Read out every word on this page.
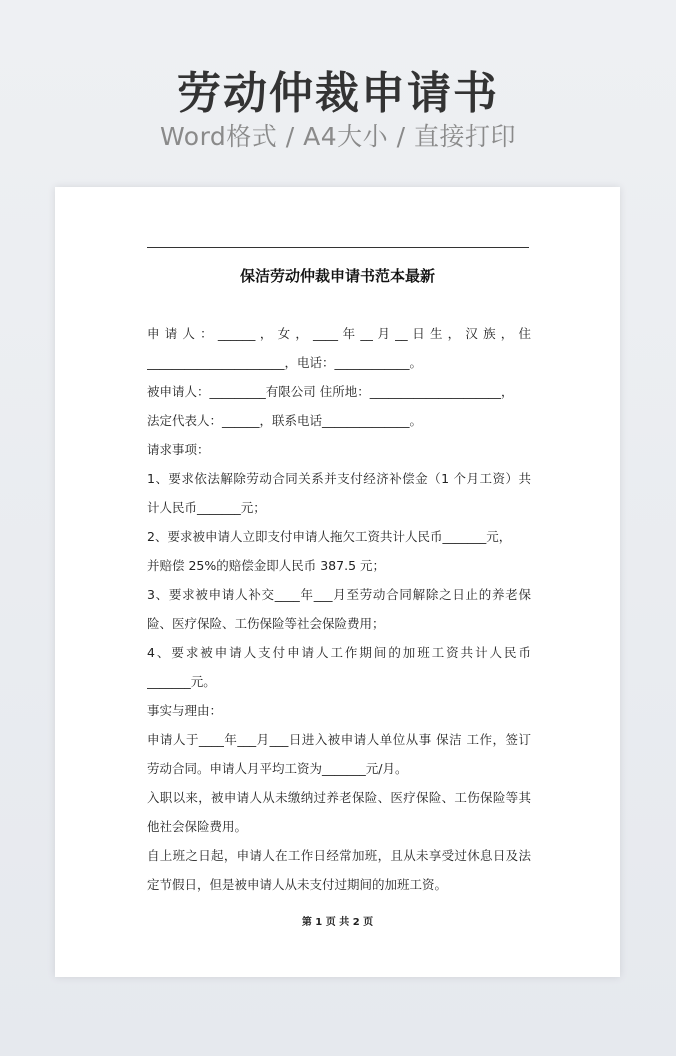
劳动仲裁申请书
Word格式 / A4大小 / 直接打印
保洁劳动仲裁申请书范本最新
申 请 人 ： ______ ， 女 ， ____ 年 __ 月 __ 日 生 ， 汉 族 ， 住
______________________，电话：____________。
被申请人：_________有限公司 住所地：_____________________，
法定代表人：______，联系电话______________。
请求事项：
1、要求依法解除劳动合同关系并支付经济补偿金（1 个月工资）共
计人民币_______元；
2、要求被申请人立即支付申请人拖欠工资共计人民币_______元，
并赔偿 25%的赔偿金即人民币 387.5 元；
3、要求被申请人补交____年___月至劳动合同解除之日止的养老保
险、医疗保险、工伤保险等社会保险费用；
4、要求被申请人支付申请人工作期间的加班工资共计人民币
_______元。
事实与理由：
申请人于____年___月___日进入被申请人单位从事 保洁 工作，签订
劳动合同。申请人月平均工资为_______元/月。
入职以来，被申请人从未缴纳过养老保险、医疗保险、工伤保险等其
他社会保险费用。
自上班之日起，申请人在工作日经常加班，且从未享受过休息日及法
定节假日，但是被申请人从未支付过期间的加班工资。
第 1 页 共 2 页
